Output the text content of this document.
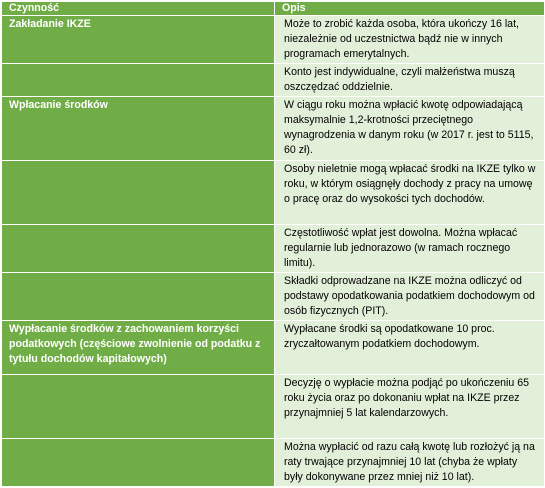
Czynność	Opis
Zakładanie IKZE	Może to zrobić każda osoba, która ukończy 16 lat, niezależnie od uczestnictwa bądź nie w innych programach emerytalnych.
	Konto jest indywidualne, czyli małżeństwa muszą oszczędzać oddzielnie.
Wpłacanie środków	W ciągu roku można wpłacić kwotę odpowiadającą maksymalnie 1,2-krotności przeciętnego wynagrodzenia w danym roku (w 2017 r. jest to 5115, 60 zł).
	Osoby nieletnie mogą wpłacać środki na IKZE tylko w roku, w którym osiągnęły dochody z pracy na umowę o pracę oraz do wysokości tych dochodów.
	Częstotliwość wpłat jest dowolna. Można wpłacać regularnie lub jednorazowo (w ramach rocznego limitu).
	Składki odprowadzane na IKZE można odliczyć od podstawy opodatkowania podatkiem dochodowym od osób fizycznych (PIT).
Wypłacanie środków z zachowaniem korzyści podatkowych (częściowe zwolnienie od podatku z tytułu dochodów kapitałowych)	Wypłacane środki są opodatkowane 10 proc. zryczałtowanym podatkiem dochodowym.
	Decyzję o wypłacie można podjąć po ukończeniu 65 roku życia oraz po dokonaniu wpłat na IKZE przez przynajmniej 5 lat kalendarzowych.
	Można wypłacić od razu całą kwotę lub rozłożyć ją na raty trwające przynajmniej 10 lat (chyba że wpłaty były dokonywane przez mniej niż 10 lat).
